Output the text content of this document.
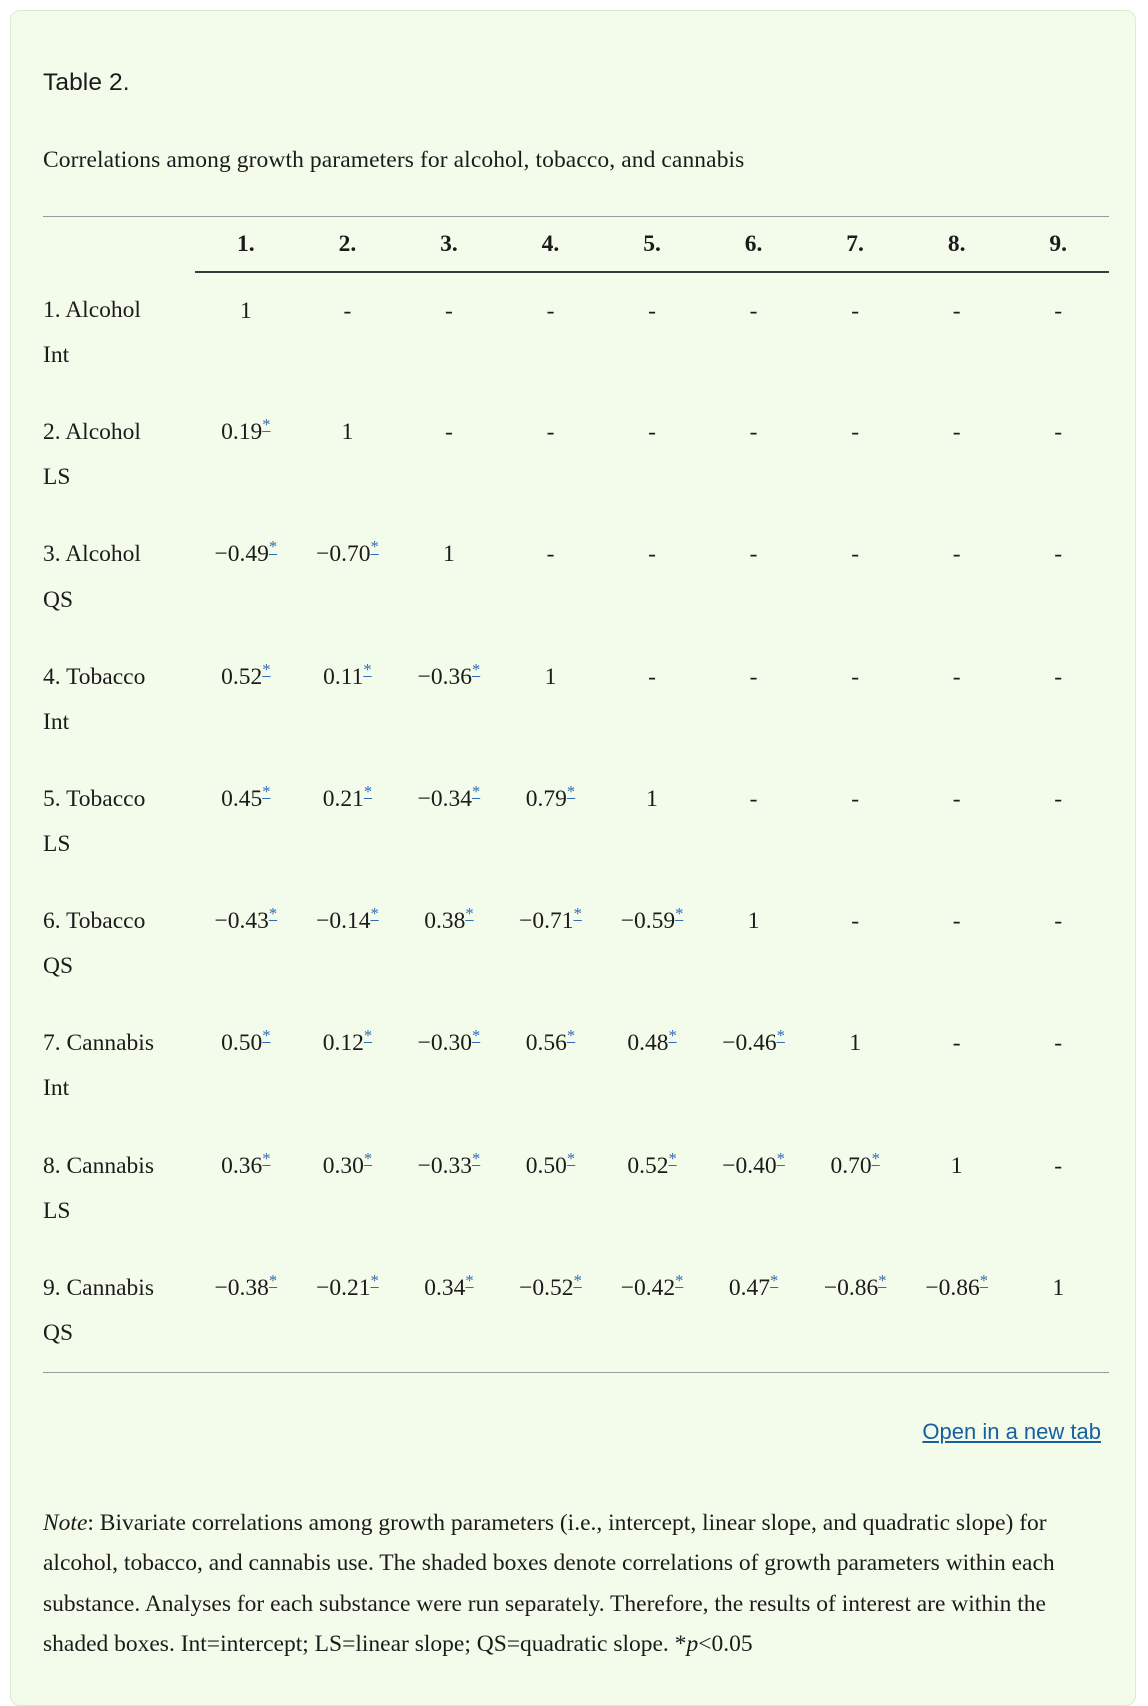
Table 2.
Correlations among growth parameters for alcohol, tobacco, and cannabis
	1.	2.	3.	4.	5.	6.	7.	8.	9.
1. Alcohol
Int	1	-	-	-	-	-	-	-	-
2. Alcohol
LS	0.19*	1	-	-	-	-	-	-	-
3. Alcohol
QS	−0.49*	−0.70*	1	-	-	-	-	-	-
4. Tobacco
Int	0.52*	0.11*	−0.36*	1	-	-	-	-	-
5. Tobacco
LS	0.45*	0.21*	−0.34*	0.79*	1	-	-	-	-
6. Tobacco
QS	−0.43*	−0.14*	0.38*	−0.71*	−0.59*	1	-	-	-
7. Cannabis
Int	0.50*	0.12*	−0.30*	0.56*	0.48*	−0.46*	1	-	-
8. Cannabis
LS	0.36*	0.30*	−0.33*	0.50*	0.52*	−0.40*	0.70*	1	-
9. Cannabis
QS	−0.38*	−0.21*	0.34*	−0.52*	−0.42*	0.47*	−0.86*	−0.86*	1
Open in a new tab
Note: Bivariate correlations among growth parameters (i.e., intercept, linear slope, and quadratic slope) for alcohol, tobacco, and cannabis use. The shaded boxes denote correlations of growth parameters within each substance. Analyses for each substance were run separately. Therefore, the results of interest are within the shaded boxes. Int=intercept; LS=linear slope; QS=quadratic slope. *p<0.05
